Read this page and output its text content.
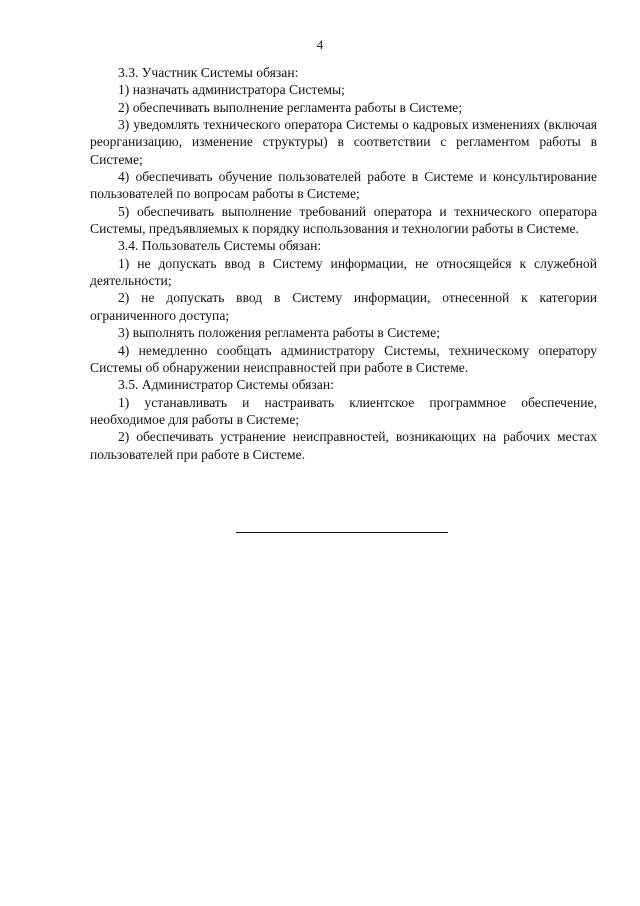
4

3.3. Участник Системы обязан:

1) назначать администратора Системы;

2) обеспечивать выполнение регламента работы в Системе;

3) уведомлять технического оператора Системы о кадровых изменениях (включая реорганизацию, изменение структуры) в соответствии с регламентом работы в Системе;

4) обеспечивать обучение пользователей работе в Системе и консультирование пользователей по вопросам работы в Системе;

5) обеспечивать выполнение требований оператора и технического оператора Системы, предъявляемых к порядку использования и технологии работы в Системе.

3.4. Пользователь Системы обязан:

1) не допускать ввод в Систему информации, не относящейся к служебной деятельности;

2) не допускать ввод в Систему информации, отнесенной к категории ограниченного доступа;

3) выполнять положения регламента работы в Системе;

4) немедленно сообщать администратору Системы, техническому оператору Системы об обнаружении неисправностей при работе в Системе.

3.5. Администратор Системы обязан:

1) устанавливать и настраивать клиентское программное обеспечение, необходимое для работы в Системе;

2) обеспечивать устранение неисправностей, возникающих на рабочих местах пользователей при работе в Системе.
